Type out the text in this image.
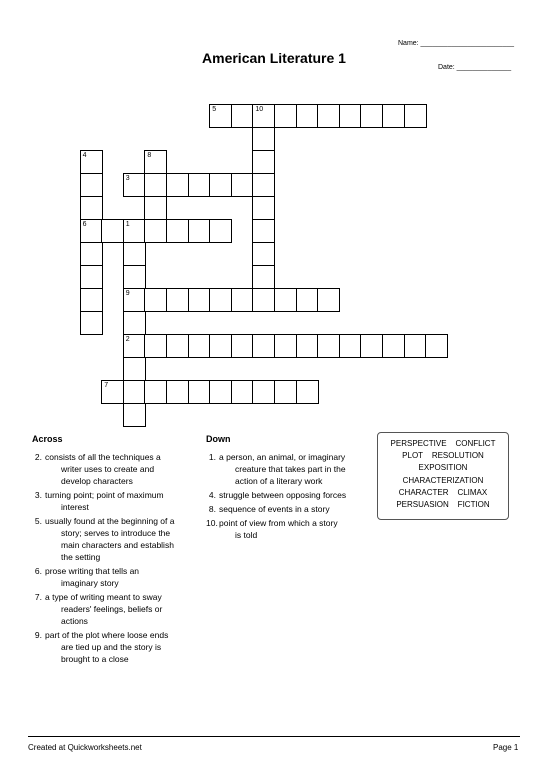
Name: ________________________
American Literature 1
Date: ______________
5	10
4	8
3
6	1
9
2
7
Across
2. consists of all the techniques a
writer uses to create and
develop characters
3. turning point; point of maximum
interest
5. usually found at the beginning of a
story; serves to introduce the
main characters and establish
the setting
6. prose writing that tells an
imaginary story
7. a type of writing meant to sway
readers' feelings, beliefs or
actions
9. part of the plot where loose ends
are tied up and the story is
brought to a close
Down
1. a person, an animal, or imaginary
creature that takes part in the
action of a literary work
4. struggle between opposing forces
8. sequence of events in a story
10. point of view from which a story
is told
PERSPECTIVE    CONFLICT
PLOT    RESOLUTION
EXPOSITION
CHARACTERIZATION
CHARACTER    CLIMAX
PERSUASION    FICTION
Created at Quickworksheets.net	Page 1
